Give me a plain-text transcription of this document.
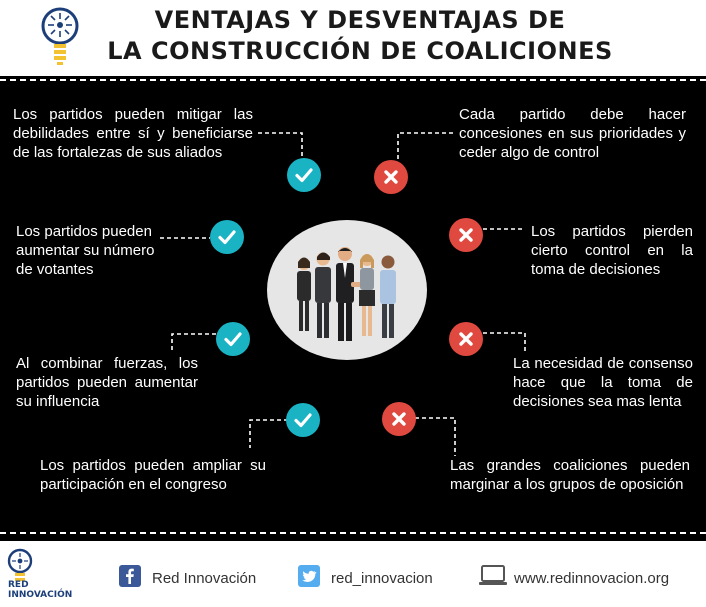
VENTAJAS Y DESVENTAJAS DE
LA CONSTRUCCIÓN DE COALICIONES
Los partidos pueden mitigar las
debilidades entre sí y beneficiarse
de las fortalezas de sus aliados
Los partidos pueden
aumentar su número
de votantes
Al combinar fuerzas, los
partidos pueden aumentar
su influencia
Los partidos pueden ampliar su
participación en el congreso
Cada partido debe hacer
concesiones en sus prioridades y
ceder algo de control
Los partidos pierden
cierto control en la
toma de decisiones
La necesidad de consenso
hace que la toma de
decisiones sea mas lenta
Las grandes coaliciones pueden
marginar a los grupos de oposición
RED INNOVACIÓN
Red Innovación	red_innovacion	www.redinnovacion.org
